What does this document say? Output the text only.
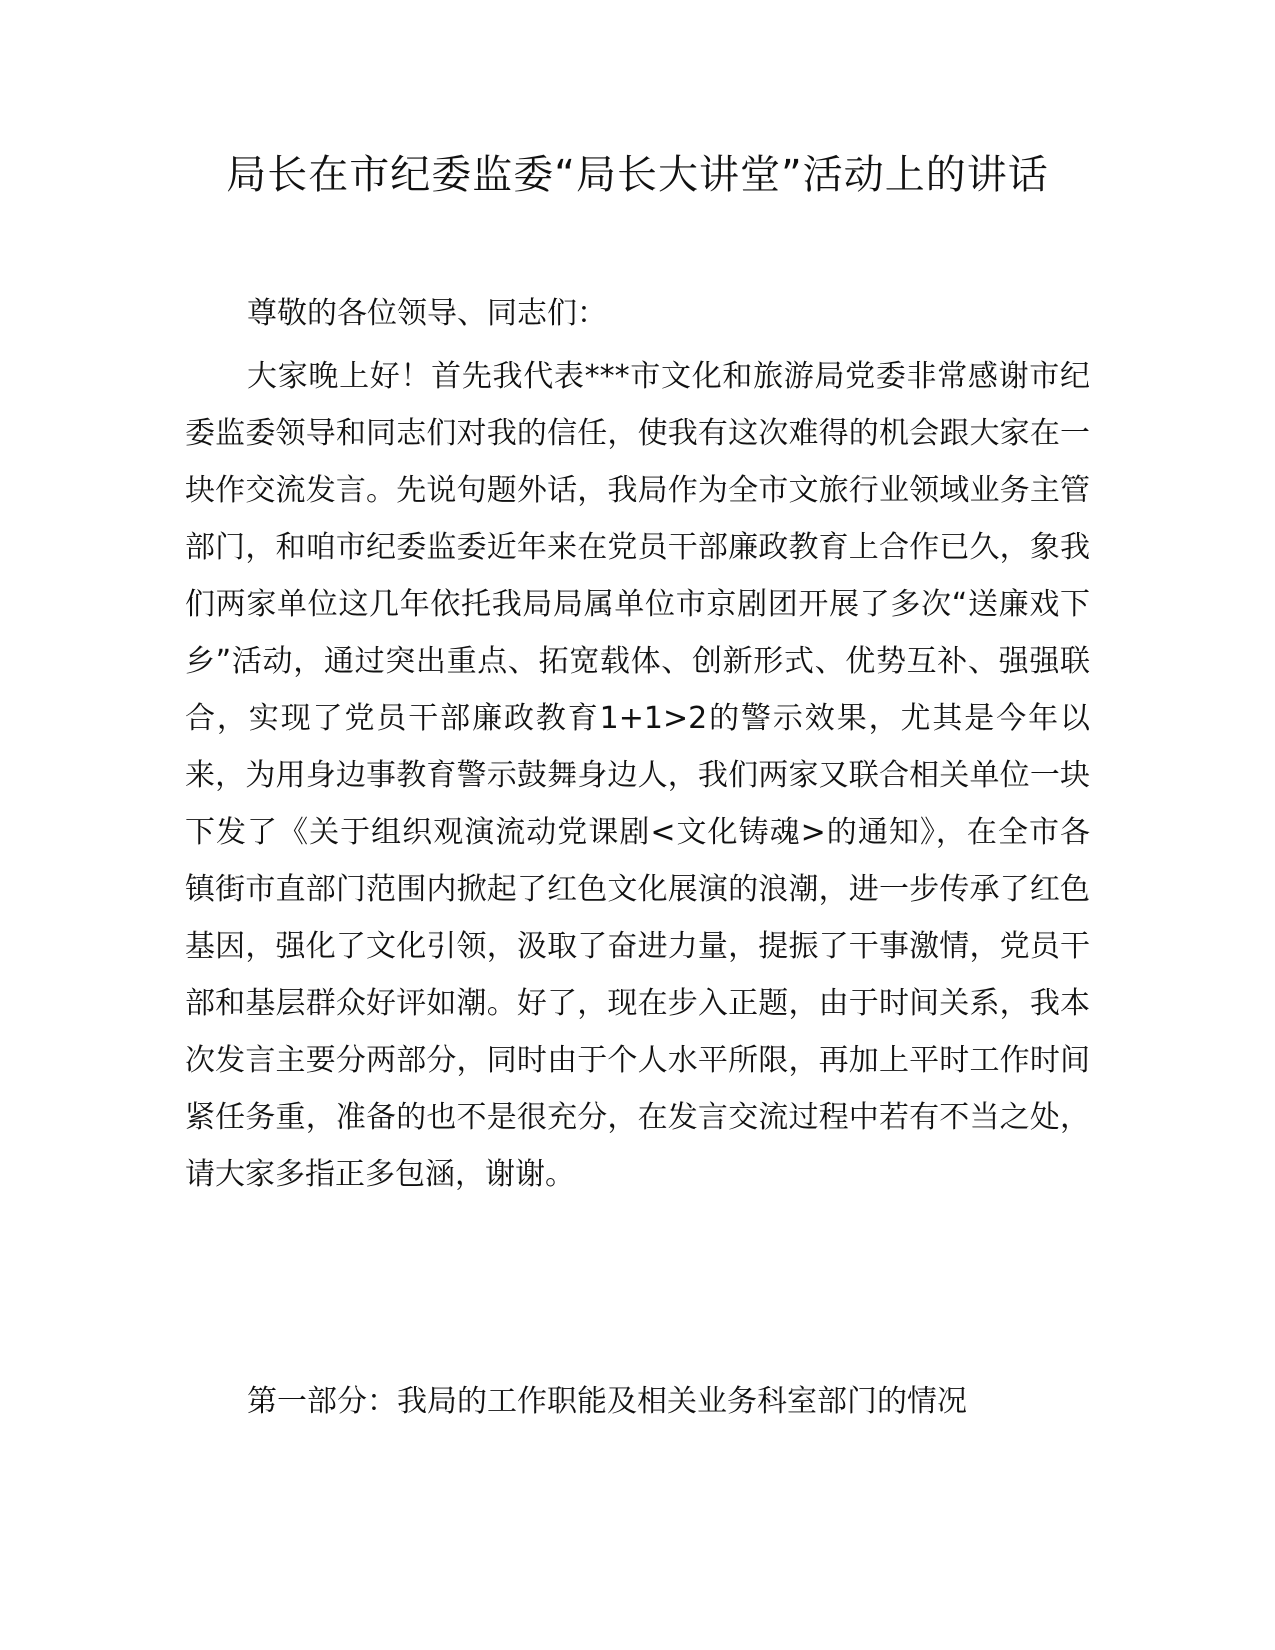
局长在市纪委监委“局长大讲堂”活动上的讲话

尊敬的各位领导、同志们：

大家晚上好！首先我代表***市文化和旅游局党委非常感谢市纪委监委领导和同志们对我的信任，使我有这次难得的机会跟大家在一块作交流发言。先说句题外话，我局作为全市文旅行业领域业务主管部门，和咱市纪委监委近年来在党员干部廉政教育上合作已久，象我们两家单位这几年依托我局局属单位市京剧团开展了多次“送廉戏下乡”活动，通过突出重点、拓宽载体、创新形式、优势互补、强强联合，实现了党员干部廉政教育1+1>2的警示效果，尤其是今年以来，为用身边事教育警示鼓舞身边人，我们两家又联合相关单位一块下发了《关于组织观演流动党课剧<文化铸魂>的通知》，在全市各镇街市直部门范围内掀起了红色文化展演的浪潮，进一步传承了红色基因，强化了文化引领，汲取了奋进力量，提振了干事激情，党员干部和基层群众好评如潮。好了，现在步入正题，由于时间关系，我本次发言主要分两部分，同时由于个人水平所限，再加上平时工作时间紧任务重，准备的也不是很充分，在发言交流过程中若有不当之处，请大家多指正多包涵，谢谢。

第一部分：我局的工作职能及相关业务科室部门的情况
